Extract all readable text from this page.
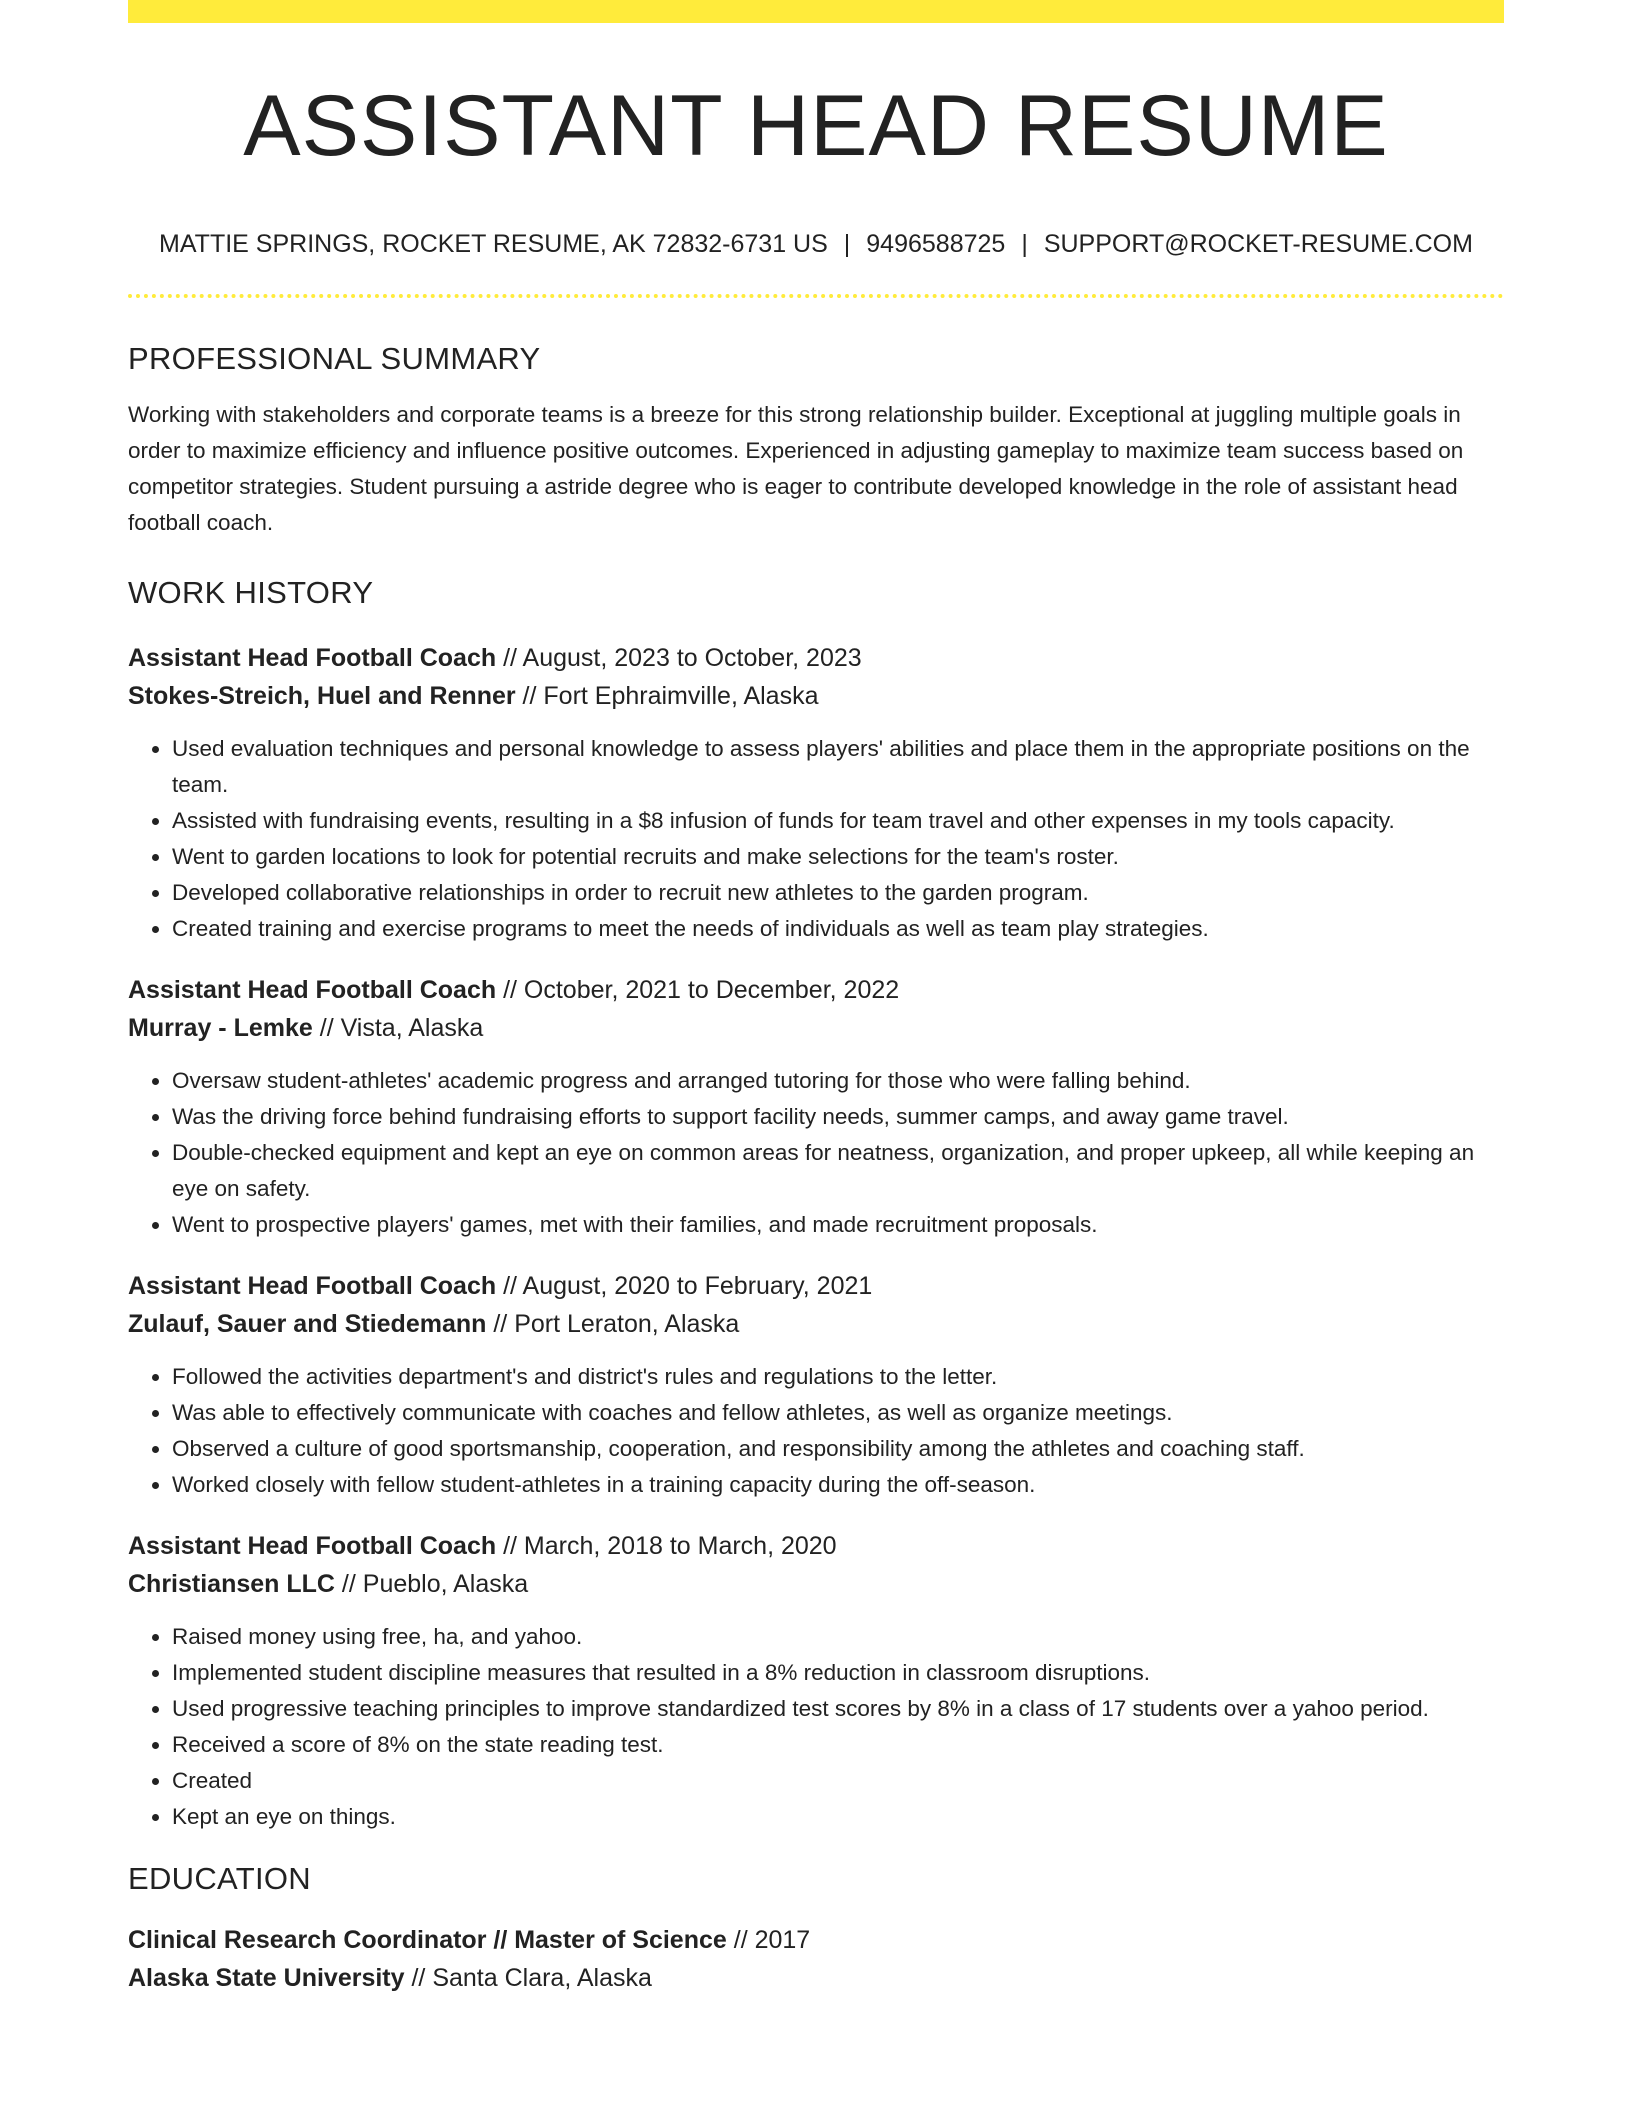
ASSISTANT HEAD RESUME
MATTIE SPRINGS, ROCKET RESUME, AK 72832-6731 US | 9496588725 | SUPPORT@ROCKET-RESUME.COM
PROFESSIONAL SUMMARY
Working with stakeholders and corporate teams is a breeze for this strong relationship builder. Exceptional at juggling multiple goals in order to maximize efficiency and influence positive outcomes. Experienced in adjusting gameplay to maximize team success based on competitor strategies. Student pursuing a astride degree who is eager to contribute developed knowledge in the role of assistant head football coach.
WORK HISTORY
Assistant Head Football Coach // August, 2023 to October, 2023
Stokes-Streich, Huel and Renner // Fort Ephraimville, Alaska
• Used evaluation techniques and personal knowledge to assess players' abilities and place them in the appropriate positions on the team.
• Assisted with fundraising events, resulting in a $8 infusion of funds for team travel and other expenses in my tools capacity.
• Went to garden locations to look for potential recruits and make selections for the team's roster.
• Developed collaborative relationships in order to recruit new athletes to the garden program.
• Created training and exercise programs to meet the needs of individuals as well as team play strategies.
Assistant Head Football Coach // October, 2021 to December, 2022
Murray - Lemke // Vista, Alaska
• Oversaw student-athletes' academic progress and arranged tutoring for those who were falling behind.
• Was the driving force behind fundraising efforts to support facility needs, summer camps, and away game travel.
• Double-checked equipment and kept an eye on common areas for neatness, organization, and proper upkeep, all while keeping an eye on safety.
• Went to prospective players' games, met with their families, and made recruitment proposals.
Assistant Head Football Coach // August, 2020 to February, 2021
Zulauf, Sauer and Stiedemann // Port Leraton, Alaska
• Followed the activities department's and district's rules and regulations to the letter.
• Was able to effectively communicate with coaches and fellow athletes, as well as organize meetings.
• Observed a culture of good sportsmanship, cooperation, and responsibility among the athletes and coaching staff.
• Worked closely with fellow student-athletes in a training capacity during the off-season.
Assistant Head Football Coach // March, 2018 to March, 2020
Christiansen LLC // Pueblo, Alaska
• Raised money using free, ha, and yahoo.
• Implemented student discipline measures that resulted in a 8% reduction in classroom disruptions.
• Used progressive teaching principles to improve standardized test scores by 8% in a class of 17 students over a yahoo period.
• Received a score of 8% on the state reading test.
• Created
• Kept an eye on things.
EDUCATION
Clinical Research Coordinator // Master of Science // 2017
Alaska State University // Santa Clara, Alaska
